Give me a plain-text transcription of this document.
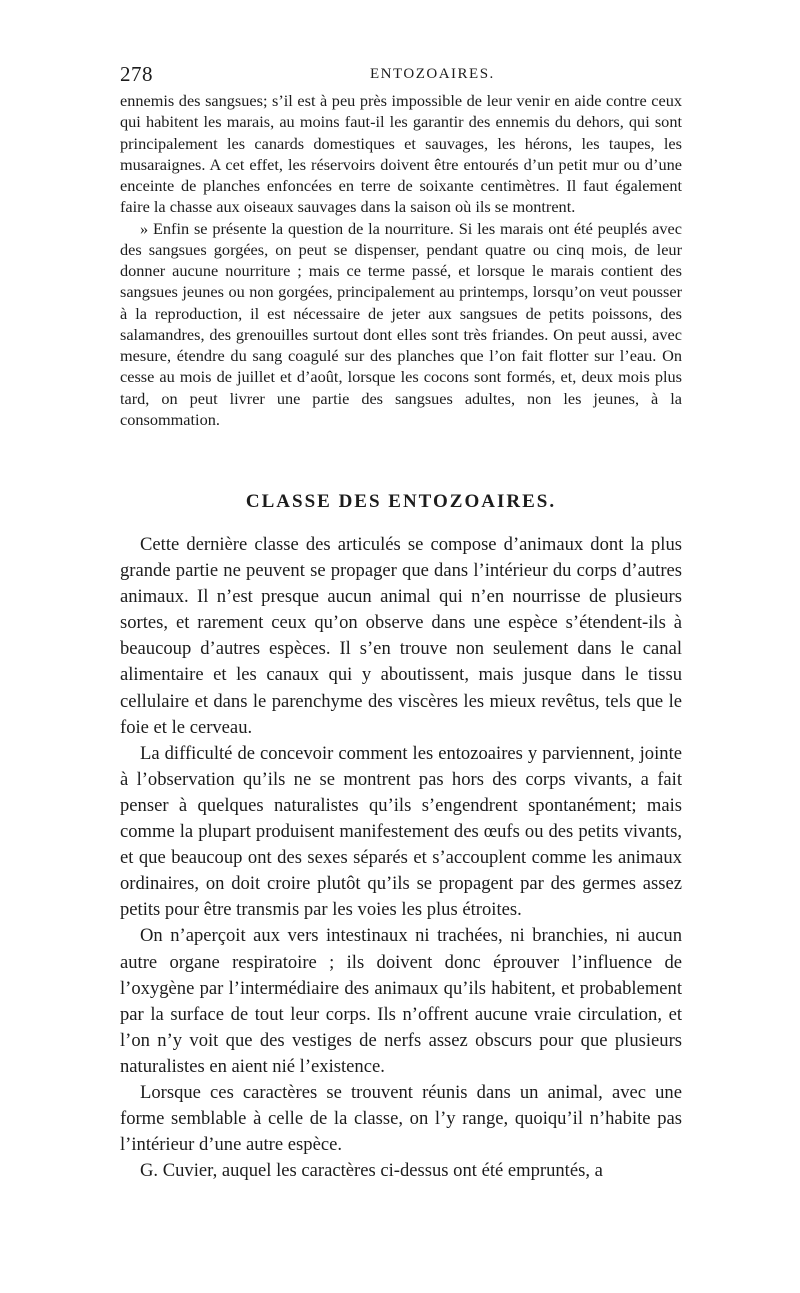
278	ENTOZOAIRES.

ennemis des sangsues; s’il est à peu près impossible de leur venir en aide contre ceux qui habitent les marais, au moins faut-il les garantir des ennemis du dehors, qui sont principalement les canards domestiques et sauvages, les hérons, les taupes, les musaraignes. A cet effet, les réservoirs doivent être entourés d’un petit mur ou d’une enceinte de planches enfoncées en terre de soixante centimètres. Il faut également faire la chasse aux oiseaux sauvages dans la saison où ils se montrent.

» Enfin se présente la question de la nourriture. Si les marais ont été peuplés avec des sangsues gorgées, on peut se dispenser, pendant quatre ou cinq mois, de leur donner aucune nourriture ; mais ce terme passé, et lorsque le marais contient des sangsues jeunes ou non gorgées, principalement au printemps, lorsqu’on veut pousser à la reproduction, il est nécessaire de jeter aux sangsues de petits poissons, des salamandres, des grenouilles surtout dont elles sont très friandes. On peut aussi, avec mesure, étendre du sang coagulé sur des planches que l’on fait flotter sur l’eau. On cesse au mois de juillet et d’août, lorsque les cocons sont formés, et, deux mois plus tard, on peut livrer une partie des sangsues adultes, non les jeunes, à la consommation.

CLASSE DES ENTOZOAIRES.

Cette dernière classe des articulés se compose d’animaux dont la plus grande partie ne peuvent se propager que dans l’intérieur du corps d’autres animaux. Il n’est presque aucun animal qui n’en nourrisse de plusieurs sortes, et rarement ceux qu’on observe dans une espèce s’étendent-ils à beaucoup d’autres espèces. Il s’en trouve non seulement dans le canal alimentaire et les canaux qui y aboutissent, mais jusque dans le tissu cellulaire et dans le parenchyme des viscères les mieux revêtus, tels que le foie et le cerveau.

La difficulté de concevoir comment les entozoaires y parviennent, jointe à l’observation qu’ils ne se montrent pas hors des corps vivants, a fait penser à quelques naturalistes qu’ils s’engendrent spontanément; mais comme la plupart produisent manifestement des œufs ou des petits vivants, et que beaucoup ont des sexes séparés et s’accouplent comme les animaux ordinaires, on doit croire plutôt qu’ils se propagent par des germes assez petits pour être transmis par les voies les plus étroites.

On n’aperçoit aux vers intestinaux ni trachées, ni branchies, ni aucun autre organe respiratoire ; ils doivent donc éprouver l’influence de l’oxygène par l’intermédiaire des animaux qu’ils habitent, et probablement par la surface de tout leur corps. Ils n’offrent aucune vraie circulation, et l’on n’y voit que des vestiges de nerfs assez obscurs pour que plusieurs naturalistes en aient nié l’existence.

Lorsque ces caractères se trouvent réunis dans un animal, avec une forme semblable à celle de la classe, on l’y range, quoiqu’il n’habite pas l’intérieur d’une autre espèce.

G. Cuvier, auquel les caractères ci-dessus ont été empruntés, a
